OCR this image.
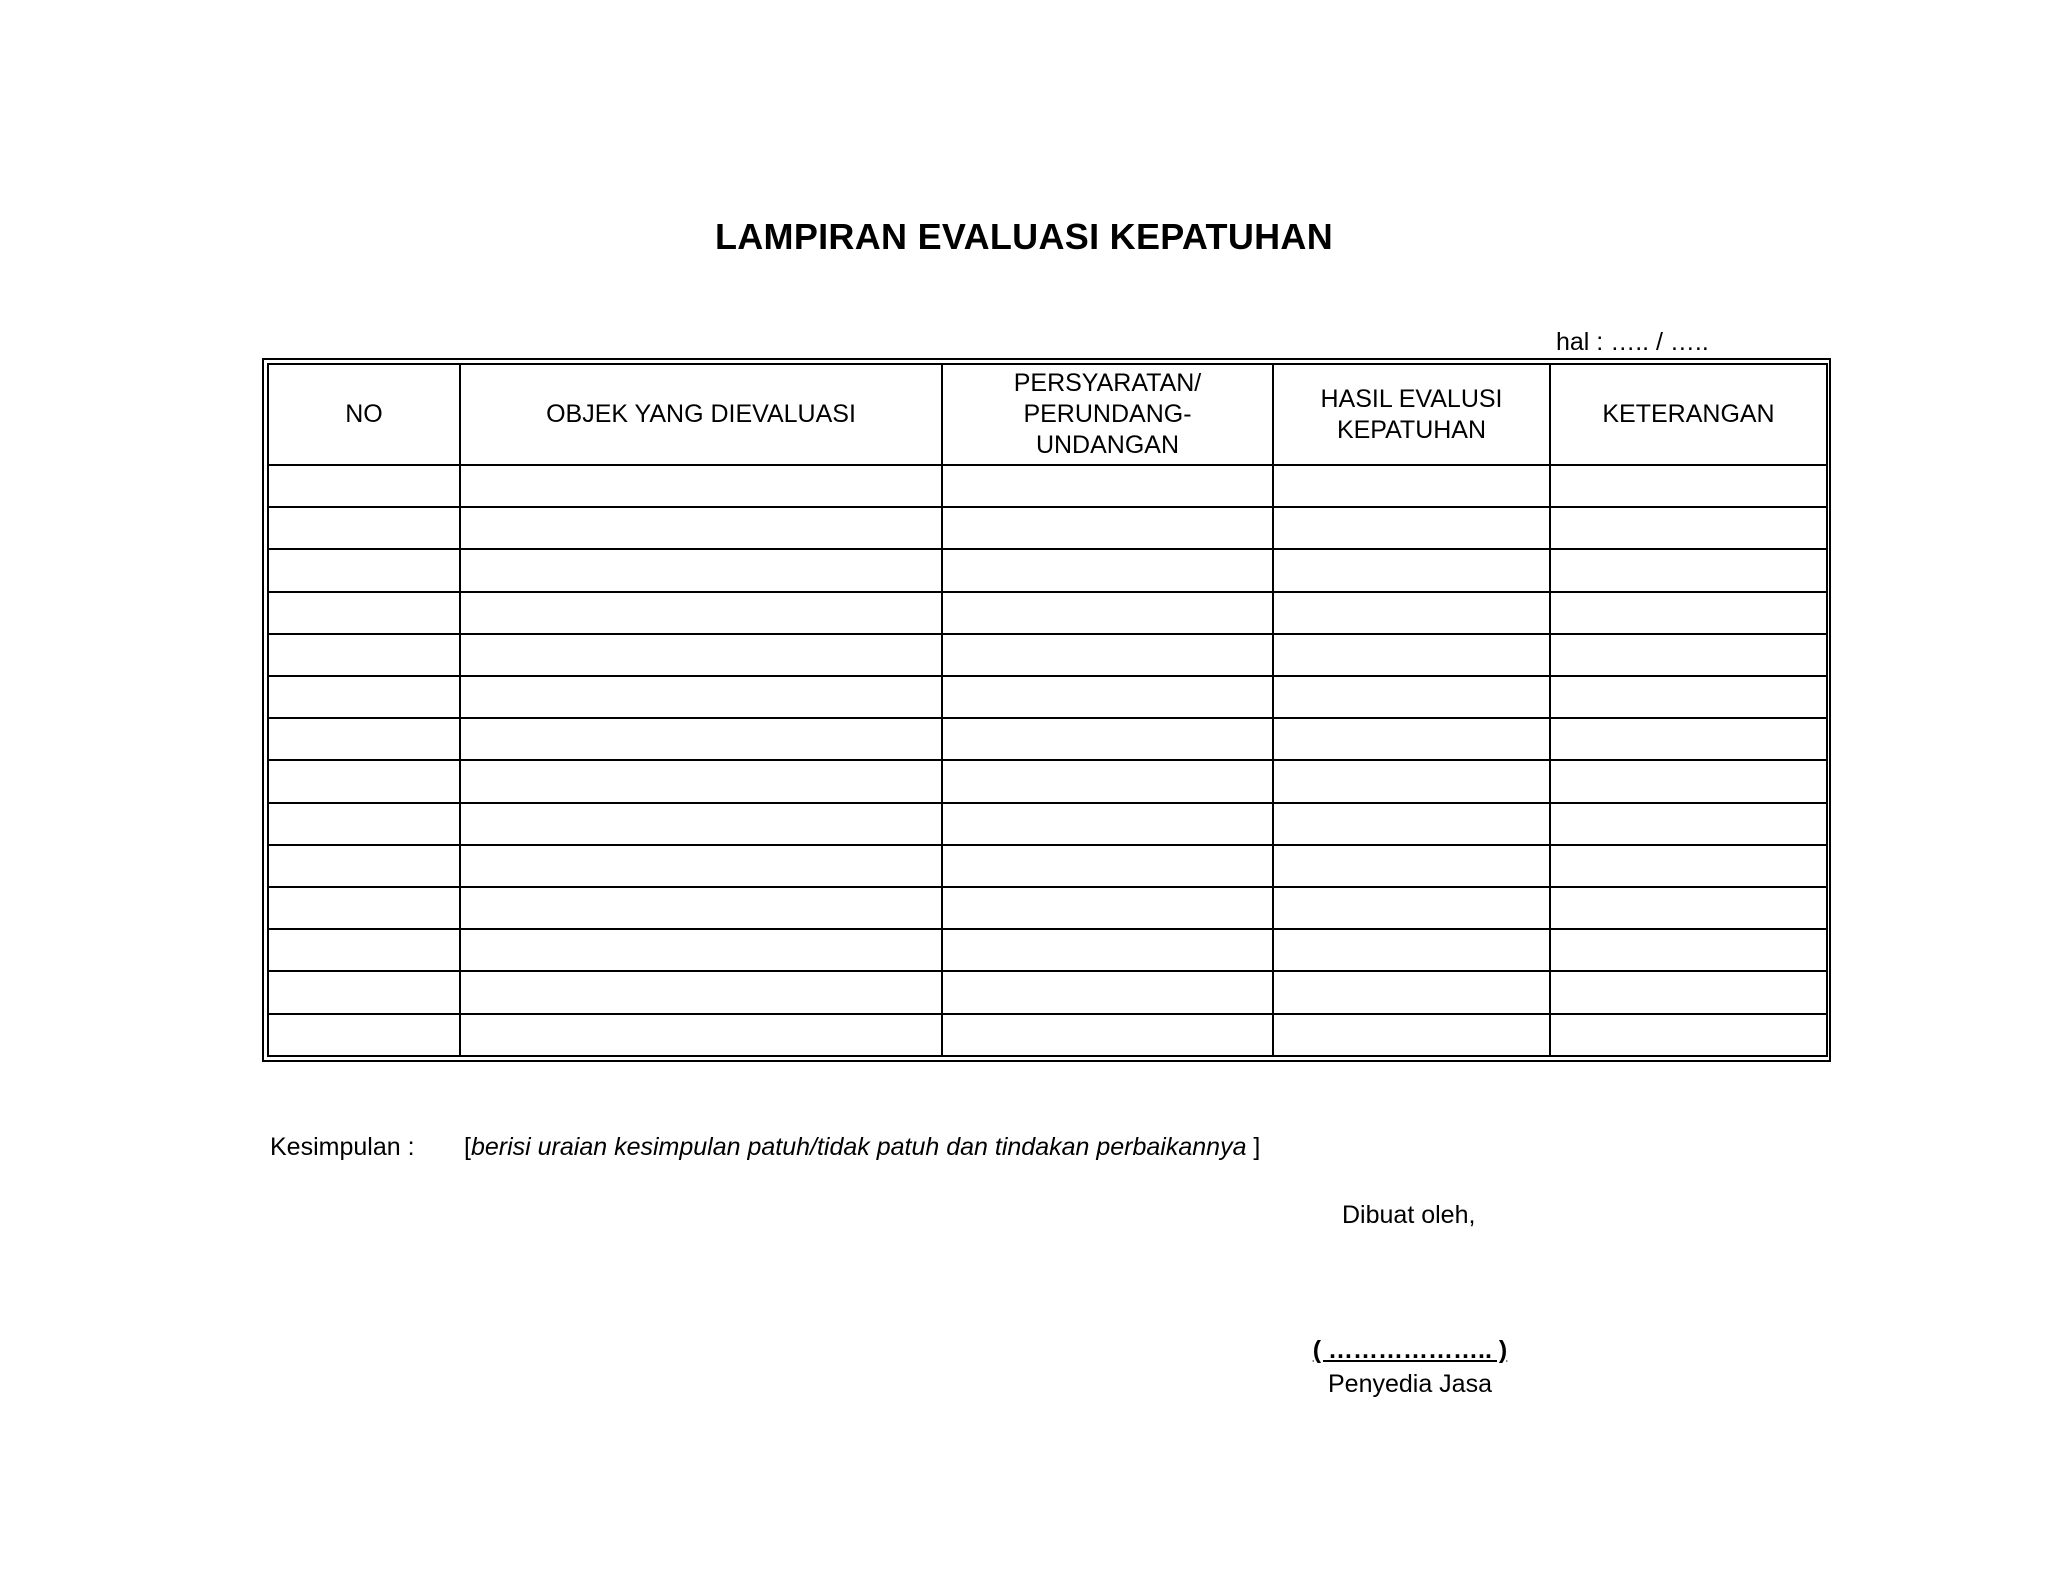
LAMPIRAN EVALUASI KEPATUHAN
hal : ….. / …..
NO	OBJEK YANG DIEVALUASI	PERSYARATAN/ PERUNDANG-UNDANGAN	HASIL EVALUSI KEPATUHAN	KETERANGAN

Kesimpulan : [berisi uraian kesimpulan patuh/tidak patuh dan tindakan perbaikannya ]
Dibuat oleh,
( ……………….. )
Penyedia Jasa
